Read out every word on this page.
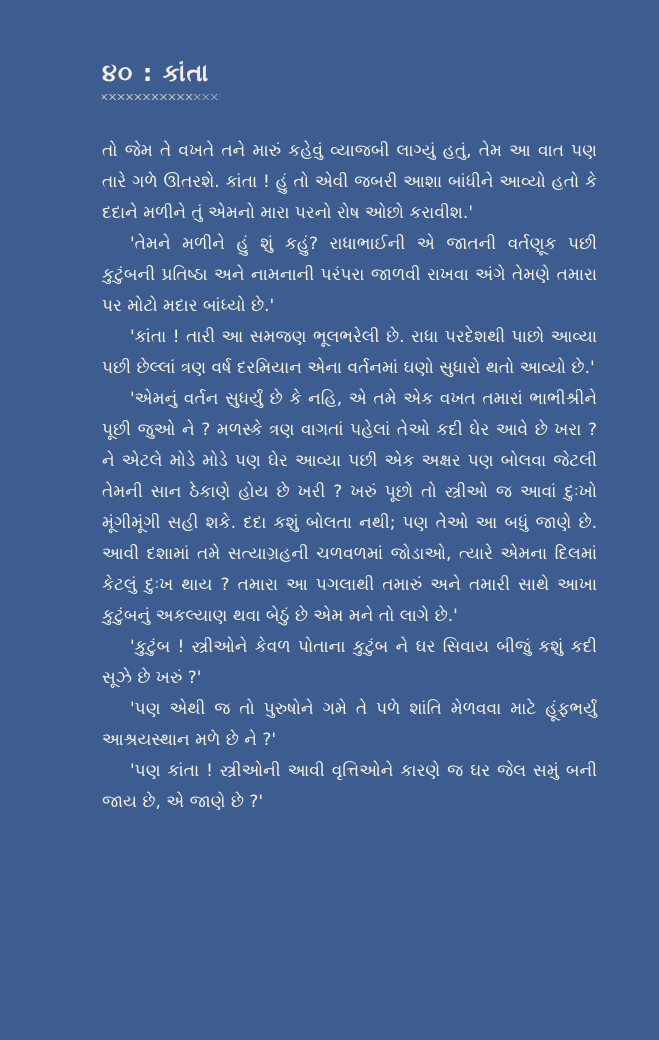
૪૦ : કાંતા

તો જેમ તે વખતે તને મારું કહેવું વ્યાજબી લાગ્યું હતું, તેમ આ વાત પણ તારે ગળે ઊતરશે. કાંતા ! હું તો એવી જબરી આશા બાંધીને આવ્યો હતો કે દદાને મળીને તું એમનો મારા પરનો રોષ ઓછો કરાવીશ.'

'તેમને મળીને હું શું કહું? રાધાભાઈની એ જાતની વર્તણૂક પછી કુટુંબની પ્રતિષ્ઠા અને નામનાની પરંપરા જાળવી રાખવા અંગે તેમણે તમારા પર મોટો મદાર બાંધ્યો છે.'

'કાંતા ! તારી આ સમજણ ભૂલભરેલી છે. રાધા પરદેશથી પાછો આવ્યા પછી છેલ્લાં ત્રણ વર્ષ દરમિયાન એના વર્તનમાં ઘણો સુધારો થતો આવ્યો છે.'

'એમનું વર્તન સુધર્યું છે કે નહિ, એ તમે એક વખત તમારાં ભાભીશ્રીને પૂછી જુઓ ને ? મળસ્કે ત્રણ વાગતાં પહેલાં તેઓ કદી ઘેર આવે છે ખરા ? ને એટલે મોડે મોડે પણ ઘેર આવ્યા પછી એક અક્ષર પણ બોલવા જેટલી તેમની સાન ઠેકાણે હોય છે ખરી ? ખરું પૂછો તો સ્ત્રીઓ જ આવાં દુઃખો મૂંગીમૂંગી સહી શકે. દદા કશું બોલતા નથી; પણ તેઓ આ બધું જાણે છે. આવી દશામાં તમે સત્યાગ્રહની ચળવળમાં જોડાઓ, ત્યારે એમના દિલમાં કેટલું દુઃખ થાય ? તમારા આ પગલાથી તમારું અને તમારી સાથે આખા કુટુંબનું અકલ્યાણ થવા બેઠું છે એમ મને તો લાગે છે.'

'કુટુંબ ! સ્ત્રીઓને કેવળ પોતાના કુટુંબ ને ઘર સિવાય બીજું કશું કદી સૂઝે છે ખરું ?'

'પણ એથી જ તો પુરુષોને ગમે તે પળે શાંતિ મેળવવા માટે હૂંફભર્યું આશ્રયસ્થાન મળે છે ને ?'

'પણ કાંતા ! સ્ત્રીઓની આવી વૃત્તિઓને કારણે જ ઘર જેલ સમું બની જાય છે, એ જાણે છે ?'
